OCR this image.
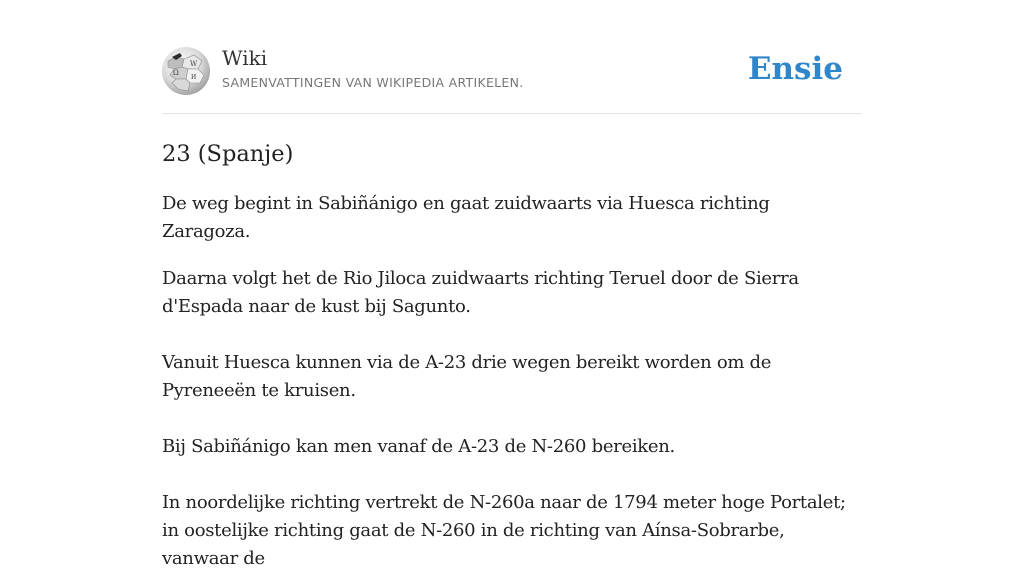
Ω
W
И
Wiki
SAMENVATTINGEN VAN WIKIPEDIA ARTIKELEN.	Ensie
23 (Spanje)

De weg begint in Sabiñánigo en gaat zuidwaarts via Huesca richting Zaragoza.

Daarna volgt het de Rio Jiloca zuidwaarts richting Teruel door de Sierra d'Espada naar de kust bij Sagunto.

Vanuit Huesca kunnen via de A-23 drie wegen bereikt worden om de Pyreneeën te kruisen.

Bij Sabiñánigo kan men vanaf de A-23 de N-260 bereiken.

In noordelijke richting vertrekt de N-260a naar de 1794 meter hoge Portalet; in oostelijke richting gaat de N-260 in de richting van Aínsa-Sobrarbe, vanwaar de
